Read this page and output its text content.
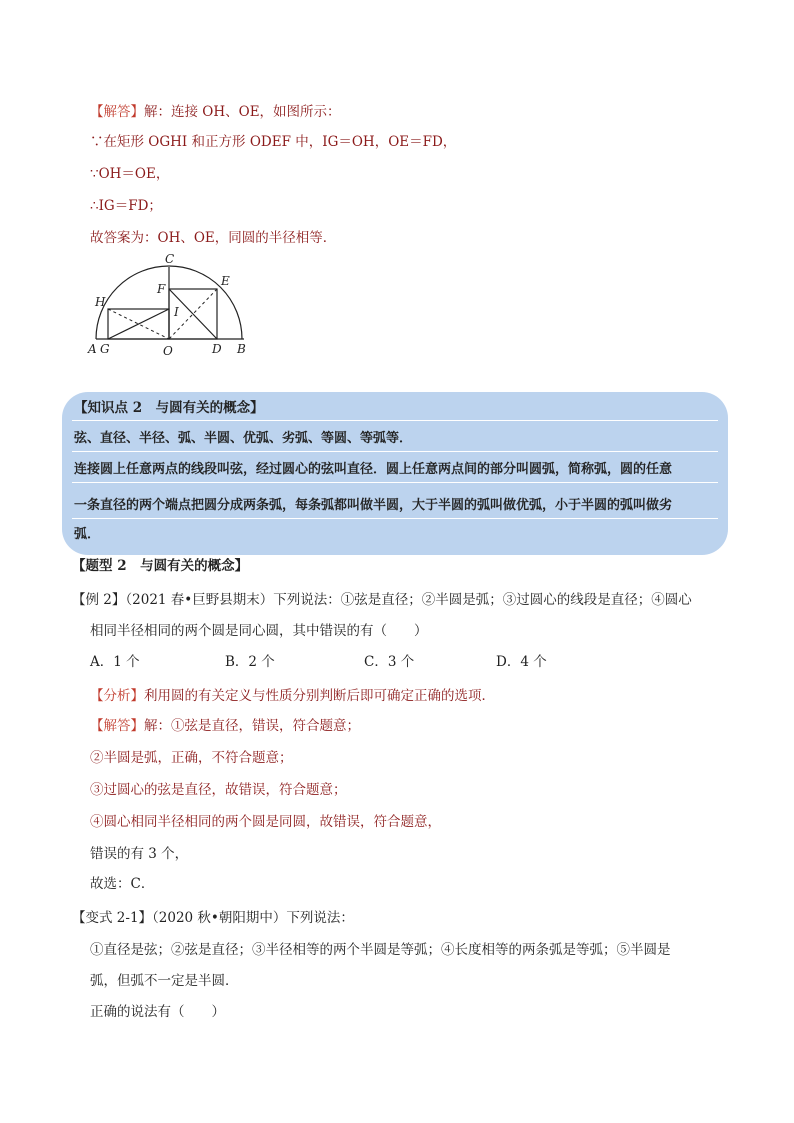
【解答】解：连接 OH、OE，如图所示：
∵在矩形 OGHI 和正方形 ODEF 中，IG＝OH，OE＝FD，
∵OH＝OE，
∴IG＝FD；
故答案为：OH、OE，同圆的半径相等．
C
E
F
H
I
A G	O	D B
【知识点 2　与圆有关的概念】
弦、直径、半径、弧、半圆、优弧、劣弧、等圆、等弧等．
连接圆上任意两点的线段叫弦，经过圆心的弦叫直径．圆上任意两点间的部分叫圆弧，简称弧，圆的任意
一条直径的两个端点把圆分成两条弧，每条弧都叫做半圆，大于半圆的弧叫做优弧，小于半圆的弧叫做劣
弧．
【题型 2　与圆有关的概念】
【例 2】（2021 春•巨野县期末）下列说法：①弦是直径；②半圆是弧；③过圆心的线段是直径；④圆心
相同半径相同的两个圆是同心圆，其中错误的有（　　）
A．1 个	B．2 个	C．3 个	D．4 个
【分析】利用圆的有关定义与性质分别判断后即可确定正确的选项．
【解答】解：①弦是直径，错误，符合题意；
②半圆是弧，正确，不符合题意；
③过圆心的弦是直径，故错误，符合题意；
④圆心相同半径相同的两个圆是同圆，故错误，符合题意，
错误的有 3 个，
故选：C．
【变式 2-1】（2020 秋•朝阳期中）下列说法：
①直径是弦；②弦是直径；③半径相等的两个半圆是等弧；④长度相等的两条弧是等弧；⑤半圆是
弧，但弧不一定是半圆．
正确的说法有（　　）
